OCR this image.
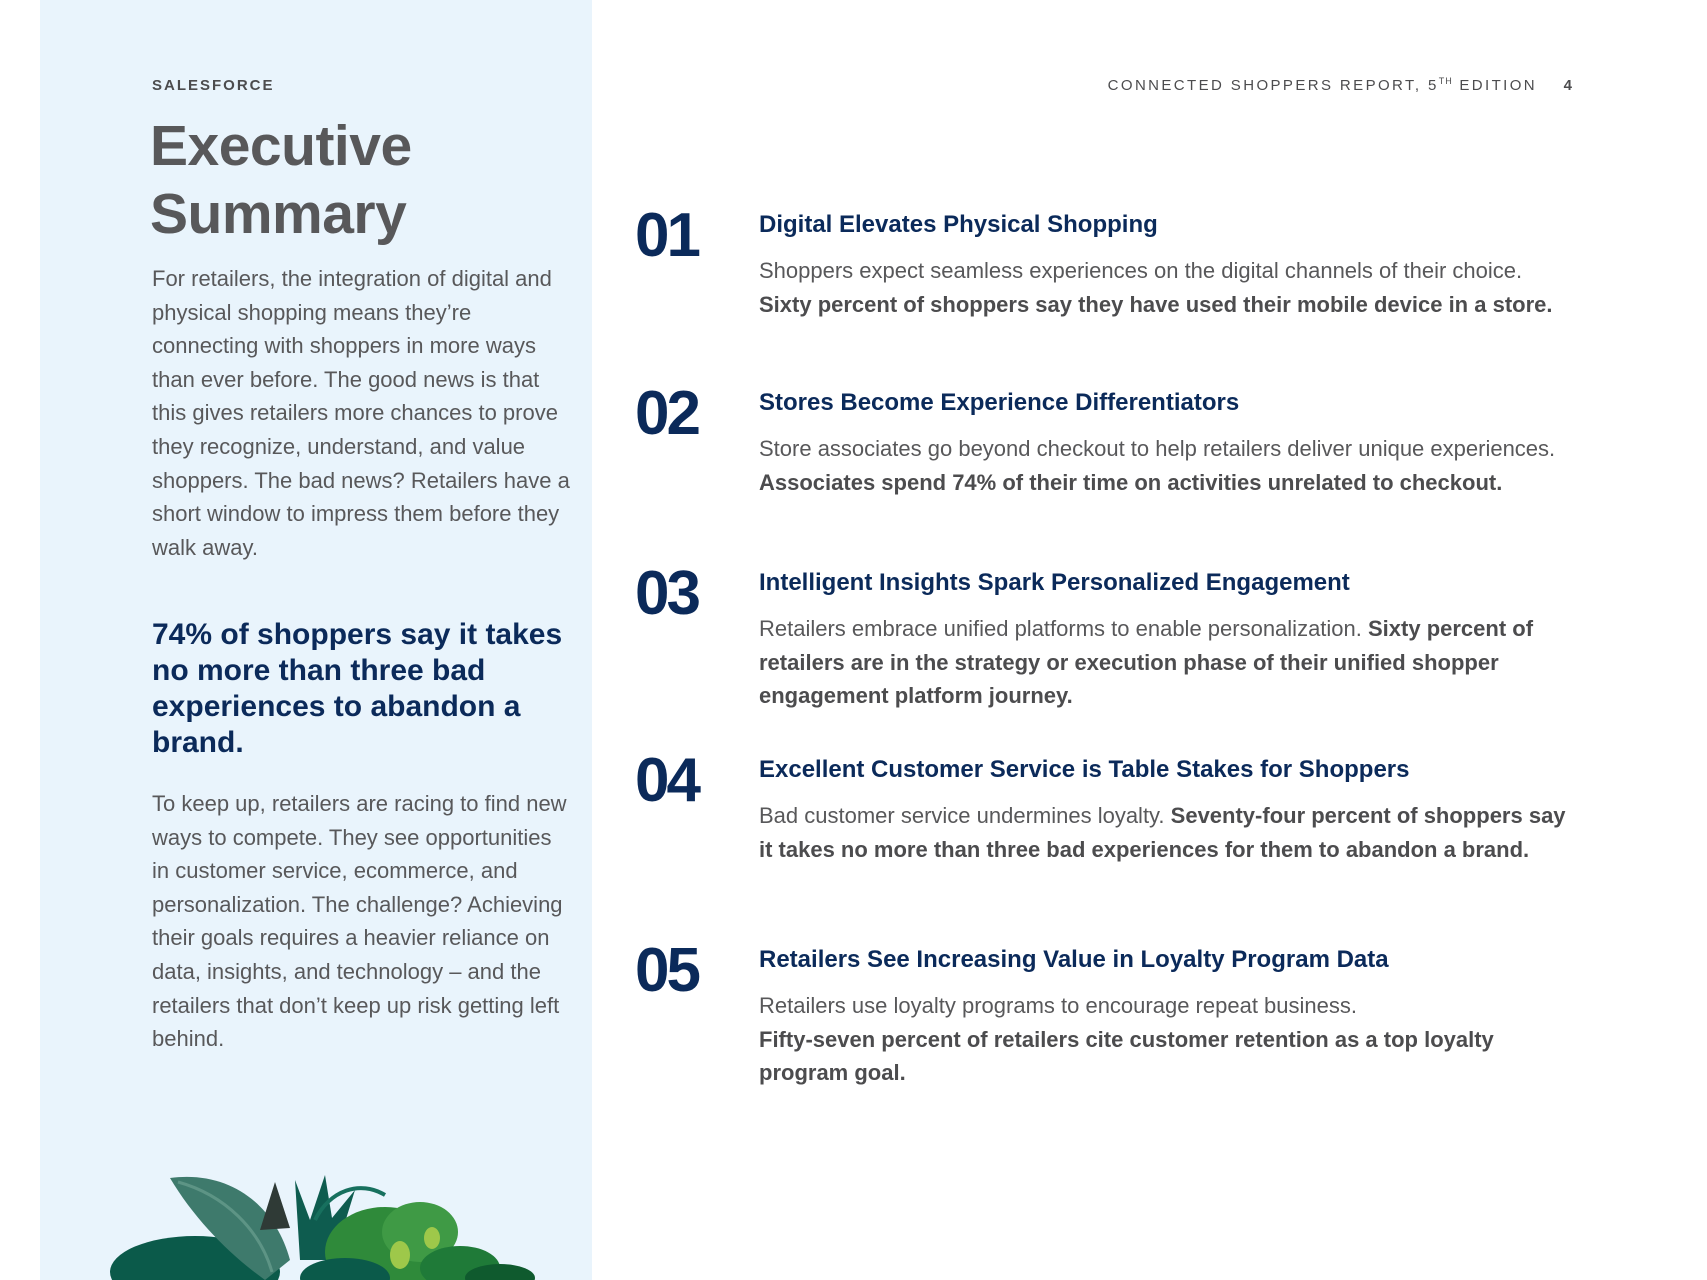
SALESFORCE	CONNECTED SHOPPERS REPORT, 5TH EDITION 4
Executive
Summary

For retailers, the integration of digital and physical shopping means they’re connecting with shoppers in more ways than ever before. The good news is that this gives retailers more chances to prove they recognize, understand, and value shoppers. The bad news? Retailers have a short window to impress them before they walk away.

74% of shoppers say it takes no more than three bad experiences to abandon a brand.

To keep up, retailers are racing to find new ways to compete. They see opportunities in customer service, ecommerce, and personalization. The challenge? Achieving their goals requires a heavier reliance on data, insights, and technology – and the retailers that don’t keep up risk getting left behind.

01	Digital Elevates Physical Shopping

Shoppers expect seamless experiences on the digital channels of their choice. Sixty percent of shoppers say they have used their mobile device in a store.

02	Stores Become Experience Differentiators

Store associates go beyond checkout to help retailers deliver unique experiences. Associates spend 74% of their time on activities unrelated to checkout.

03	Intelligent Insights Spark Personalized Engagement

Retailers embrace unified platforms to enable personalization. Sixty percent of retailers are in the strategy or execution phase of their unified shopper engagement platform journey.

04	Excellent Customer Service is Table Stakes for Shoppers

Bad customer service undermines loyalty. Seventy-four percent of shoppers say it takes no more than three bad experiences for them to abandon a brand.

05	Retailers See Increasing Value in Loyalty Program Data

Retailers use loyalty programs to encourage repeat business.
Fifty-seven percent of retailers cite customer retention as a top loyalty program goal.
